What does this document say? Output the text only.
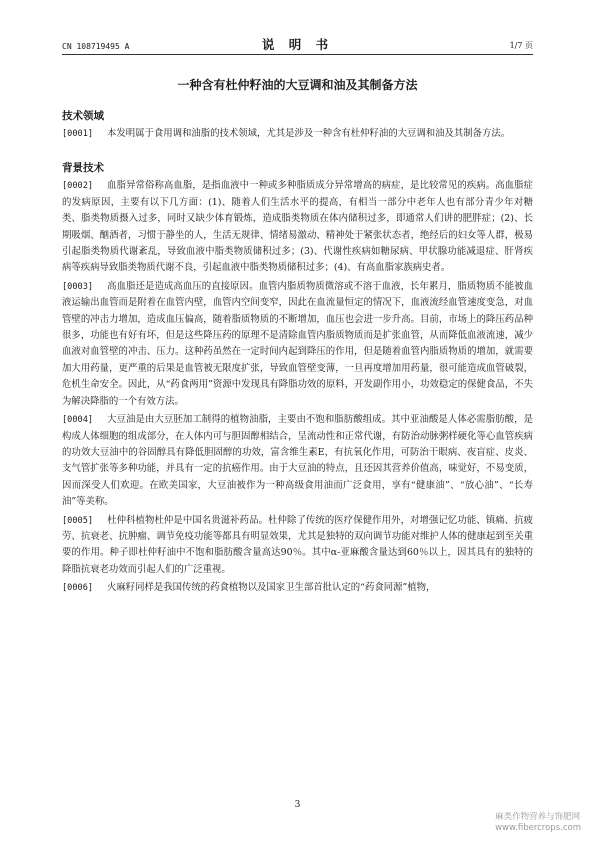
CN 108719495 A	说 明 书	1/7 页
一种含有杜仲籽油的大豆调和油及其制备方法
技术领域

[0001] 本发明属于食用调和油脂的技术领域，尤其是涉及一种含有杜仲籽油的大豆调和油及其制备方法。

背景技术

[0002] 血脂异常俗称高血脂，是指血液中一种或多种脂质成分异常增高的病症，是比较常见的疾病。高血脂症的发病原因，主要有以下几方面：(1)、随着人们生活水平的提高，有相当一部分中老年人也有部分青少年对糖类、脂类物质摄入过多，同时又缺少体育锻炼，造成脂类物质在体内储积过多，即通常人们讲的肥胖症；(2)、长期吸烟、酗酒者，习惯于静坐的人，生活无规律、情绪易激动、精神处于紧张状态者，绝经后的妇女等人群，极易引起脂类物质代谢紊乱，导致血液中脂类物质储积过多；(3)、代谢性疾病如糖尿病、甲状腺功能减退症、肝肾疾病等疾病导致脂类物质代谢不良，引起血液中脂类物质储积过多；(4)、有高血脂家族病史者。

[0003] 高血脂还是造成高血压的直接原因。血管内脂质物质微溶或不溶于血液，长年累月，脂质物质不能被血液运输出血管而是附着在血管内壁，血管内空间变窄，因此在血流量恒定的情况下，血液流经血管速度变急，对血管壁的冲击力增加，造成血压偏高，随着脂质物质的不断增加，血压也会进一步升高。目前，市场上的降压药品种很多，功能也有好有坏，但是这些降压药的原理不是清除血管内脂质物质而是扩张血管，从而降低血液流速，减少血液对血管壁的冲击、压力。这种药虽然在一定时间内起到降压的作用，但是随着血管内脂质物质的增加，就需要加大用药量，更严重的后果是血管被无限度扩张，导致血管壁变薄，一旦再度增加用药量，很可能造成血管破裂，危机生命安全。因此，从“药食两用”资源中发现具有降脂功效的原料，开发副作用小，功效稳定的保健食品，不失为解决降脂的一个有效方法。

[0004] 大豆油是由大豆胚加工制得的植物油脂，主要由不饱和脂肪酸组成。其中亚油酸是人体必需脂肪酸，是构成人体细胞的组成部分，在人体内可与胆固醇相结合，呈流动性和正常代谢，有防治动脉粥样硬化等心血管疾病的功效大豆油中的谷固醇具有降低胆固醇的功效，富含维生素E，有抗氧化作用，可防治干眼病、夜盲症、皮炎、支气管扩张等多种功能，并具有一定的抗癌作用。由于大豆油的特点，且还因其营养价值高，味觉好，不易变质，因而深受人们欢迎。在欧美国家，大豆油被作为一种高级食用油而广泛食用，享有“健康油”、“放心油”、“长寿油”等美称。

[0005] 杜仲科植物杜仲是中国名贵滋补药品。杜仲除了传统的医疗保健作用外，对增强记忆功能、镇痛、抗疲劳、抗衰老、抗肿瘤、调节免疫功能等都具有明显效果，尤其是独特的双向调节功能对维护人体的健康起到至关重要的作用。种子即杜仲籽油中不饱和脂肪酸含量高达90％。其中α-亚麻酸含量达到60％以上，因其具有的独特的降脂抗衰老功效而引起人们的广泛重视。

[0006] 火麻籽同样是我国传统的药食植物以及国家卫生部首批认定的“药食同源”植物，

3
麻类作物营养与饰肥网
www.fibercrops.com
